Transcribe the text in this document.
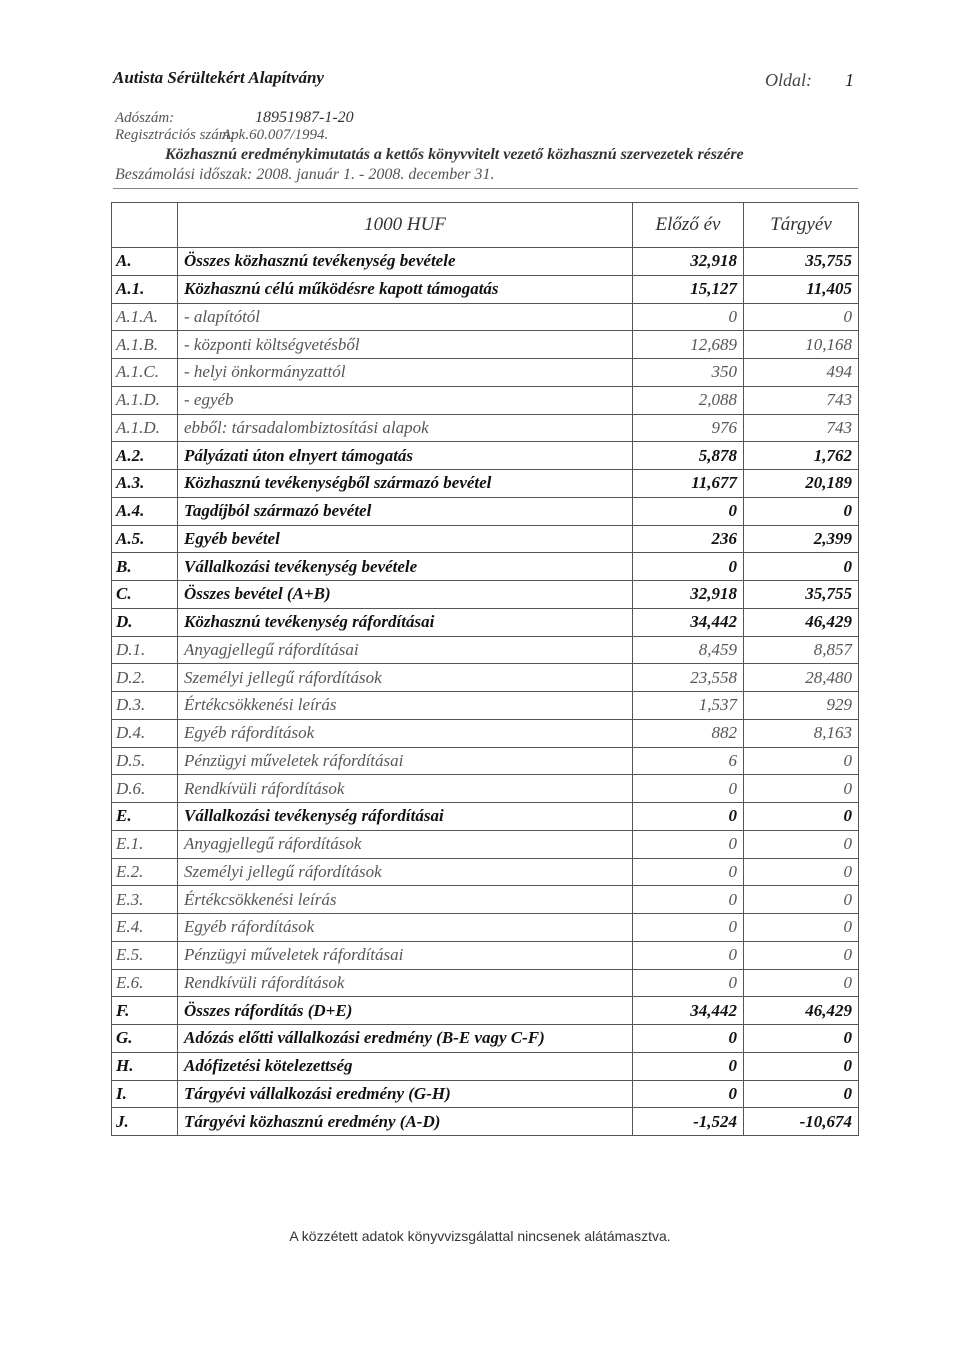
Autista Sérültekért Alapítvány	Oldal: 1
Adószám:	18951987-1-20
Regisztrációs szám:
Apk.60.007/1994.
Közhasznú eredménykimutatás a kettős könyvvitelt vezető közhasznú szervezetek részére
Beszámolási időszak: 2008. január 1. - 2008. december 31.
	1000 HUF	Előző év	Tárgyév
A.	Összes közhasznú tevékenység bevétele	32,918	35,755
A.1.	Közhasznú célú működésre kapott támogatás	15,127	11,405
A.1.A.	- alapítótól	0	0
A.1.B.	- központi költségvetésből	12,689	10,168
A.1.C.	- helyi önkormányzattól	350	494
A.1.D.	- egyéb	2,088	743
A.1.D.	ebből: társadalombiztosítási alapok	976	743
A.2.	Pályázati úton elnyert támogatás	5,878	1,762
A.3.	Közhasznú tevékenységből származó bevétel	11,677	20,189
A.4.	Tagdíjból származó bevétel	0	0
A.5.	Egyéb bevétel	236	2,399
B.	Vállalkozási tevékenység bevétele	0	0
C.	Összes bevétel (A+B)	32,918	35,755
D.	Közhasznú tevékenység ráfordításai	34,442	46,429
D.1.	Anyagjellegű ráfordításai	8,459	8,857
D.2.	Személyi jellegű ráfordítások	23,558	28,480
D.3.	Értékcsökkenési leírás	1,537	929
D.4.	Egyéb ráfordítások	882	8,163
D.5.	Pénzügyi műveletek ráfordításai	6	0
D.6.	Rendkívüli ráfordítások	0	0
E.	Vállalkozási tevékenység ráfordításai	0	0
E.1.	Anyagjellegű ráfordítások	0	0
E.2.	Személyi jellegű ráfordítások	0	0
E.3.	Értékcsökkenési leírás	0	0
E.4.	Egyéb ráfordítások	0	0
E.5.	Pénzügyi műveletek ráfordításai	0	0
E.6.	Rendkívüli ráfordítások	0	0
F.	Összes ráfordítás (D+E)	34,442	46,429
G.	Adózás előtti vállalkozási eredmény (B-E vagy C-F)	0	0
H.	Adófizetési kötelezettség	0	0
I.	Tárgyévi vállalkozási eredmény (G-H)	0	0
J.	Tárgyévi közhasznú eredmény (A-D)	-1,524	-10,674
A közzétett adatok könyvvizsgálattal nincsenek alátámasztva.
